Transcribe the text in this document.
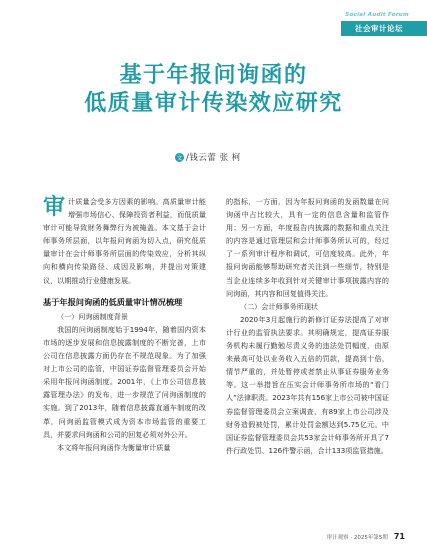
Social Audit Forum
社会审计论坛
基于年报问询函的
低质量审计传染效应研究
文 /钱云蕾 张 柯
审 计质量会受多方因素的影响。高质量审计能增强市场信心、保障投资者利益，而低质量审计可能导致财务舞弊行为被掩盖。本文基于会计师事务所层面，以年报问询函为切入点，研究低质量审计在会计师事务所层面的传染效应，分析其纵向和横向传染路径、成因及影响，并提出对策建议，以期推动行业健康发展。

基于年报问询函的低质量审计情况梳理

（一）问询函制度背景

我国的问询函制度始于1994年，随着国内资本市场的逐步发展和信息披露制度的不断完善，上市公司在信息披露方面仍存在不规范现象。为了加强对上市公司的监管，中国证券监督管理委员会开始采用年报问询函制度。2001年，《上市公司信息披露管理办法》的发布，进一步规范了问询函制度的实施。到了2013年，随着信息披露直通车制度的改革，问询函监管模式成为资本市场监管的重要工具，并要求问询函和公司的回复必须对外公开。

本文将年报问询函作为衡量审计质量

的指标，一方面，因为年报问询函的发函数量在问询函中占比较大，具有一定的信息含量和监管作用；另一方面，年度报告内披露的数据和重点关注的内容是通过管理层和会计师事务所认可的，经过了一系列审计程序和调试，可信度较高。此外，年报问询函能够帮助研究者关注到一些细节，特别是当企业连续多年收到针对关键审计事项披露内容的问询函，其内容和回复值得关注。

（二）会计师事务所现状

2020年3月起施行的新修订证券法提高了对审计行业的监管执法要求。其明确规定，提高证券服务机构未履行勤勉尽责义务的违法处罚幅度，由原来最高可处以业务收入五倍的罚款，提高到十倍，情节严重的，并处暂停或者禁止从事证券服务业务等。这一举措旨在压实会计师事务所市场的“看门人”法律职责。2023年共有156家上市公司被中国证券监督管理委员会立案调查，有89家上市公司涉及财务造假被处罚，累计处罚金额达到5.75亿元。中国证券监督管理委员会共53家会计师事务所开具了7件行政处罚、126件警示函，合计133项监管措施。

审计观察 · 2025年第5期 71
